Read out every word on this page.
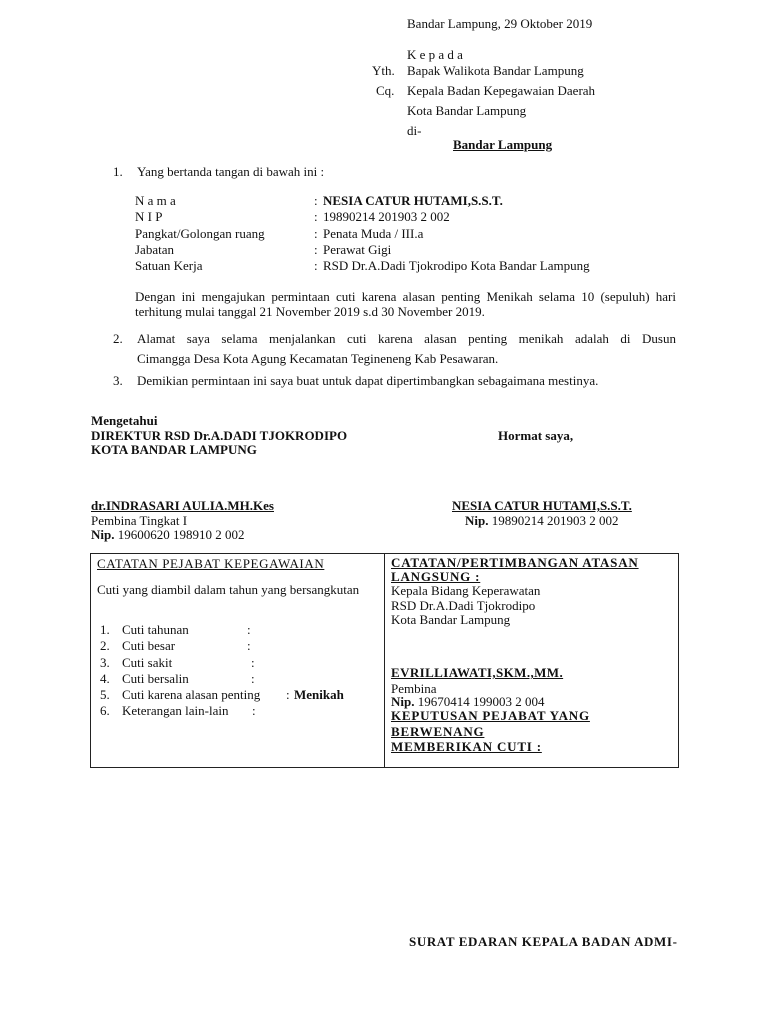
Bandar Lampung, 29 Oktober 2019
K e p a d a
Yth. Bapak Walikota Bandar Lampung
Cq. Kepala Badan Kepegawaian Daerah
Kota Bandar Lampung
di-
Bandar Lampung
1. Yang bertanda tangan di bawah ini :
N a m a	: NESIA CATUR HUTAMI,S.S.T.
N I P	: 19890214 201903 2 002
Pangkat/Golongan ruang	: Penata Muda / III.a
Jabatan	: Perawat Gigi
Satuan Kerja	: RSD Dr.A.Dadi Tjokrodipo Kota Bandar Lampung
Dengan ini mengajukan permintaan cuti karena alasan penting Menikah selama 10 (sepuluh) hari terhitung mulai tanggal 21 November 2019 s.d 30 November 2019.
2. Alamat saya selama menjalankan cuti karena alasan penting menikah adalah di Dusun
Cimangga Desa Kota Agung Kecamatan Tegineneng Kab Pesawaran.
3. Demikian permintaan ini saya buat untuk dapat dipertimbangkan sebagaimana mestinya.
Mengetahui
DIREKTUR RSD Dr.A.DADI TJOKRODIPO
KOTA BANDAR LAMPUNG
Hormat saya,
dr.INDRASARI AULIA.MH.Kes
Pembina Tingkat I
Nip. 19600620 198910 2 002
NESIA CATUR HUTAMI,S.S.T.
Nip. 19890214 201903 2 002
CATATAN PEJABAT KEPEGAWAIAN
Cuti yang diambil dalam tahun yang bersangkutan
1. Cuti tahunan	:
2. Cuti besar	:
3. Cuti sakit	:
4. Cuti bersalin	:
5. Cuti karena alasan penting : Menikah
6. Keterangan lain-lain :
CATATAN/PERTIMBANGAN ATASAN
LANGSUNG :
Kepala Bidang Keperawatan
RSD Dr.A.Dadi Tjokrodipo
Kota Bandar Lampung
EVRILLIAWATI,SKM.,MM.
Pembina
Nip. 19670414 199003 2 004
KEPUTUSAN PEJABAT YANG
BERWENANG
MEMBERIKAN CUTI :
SURAT EDARAN KEPALA BADAN ADMI-
